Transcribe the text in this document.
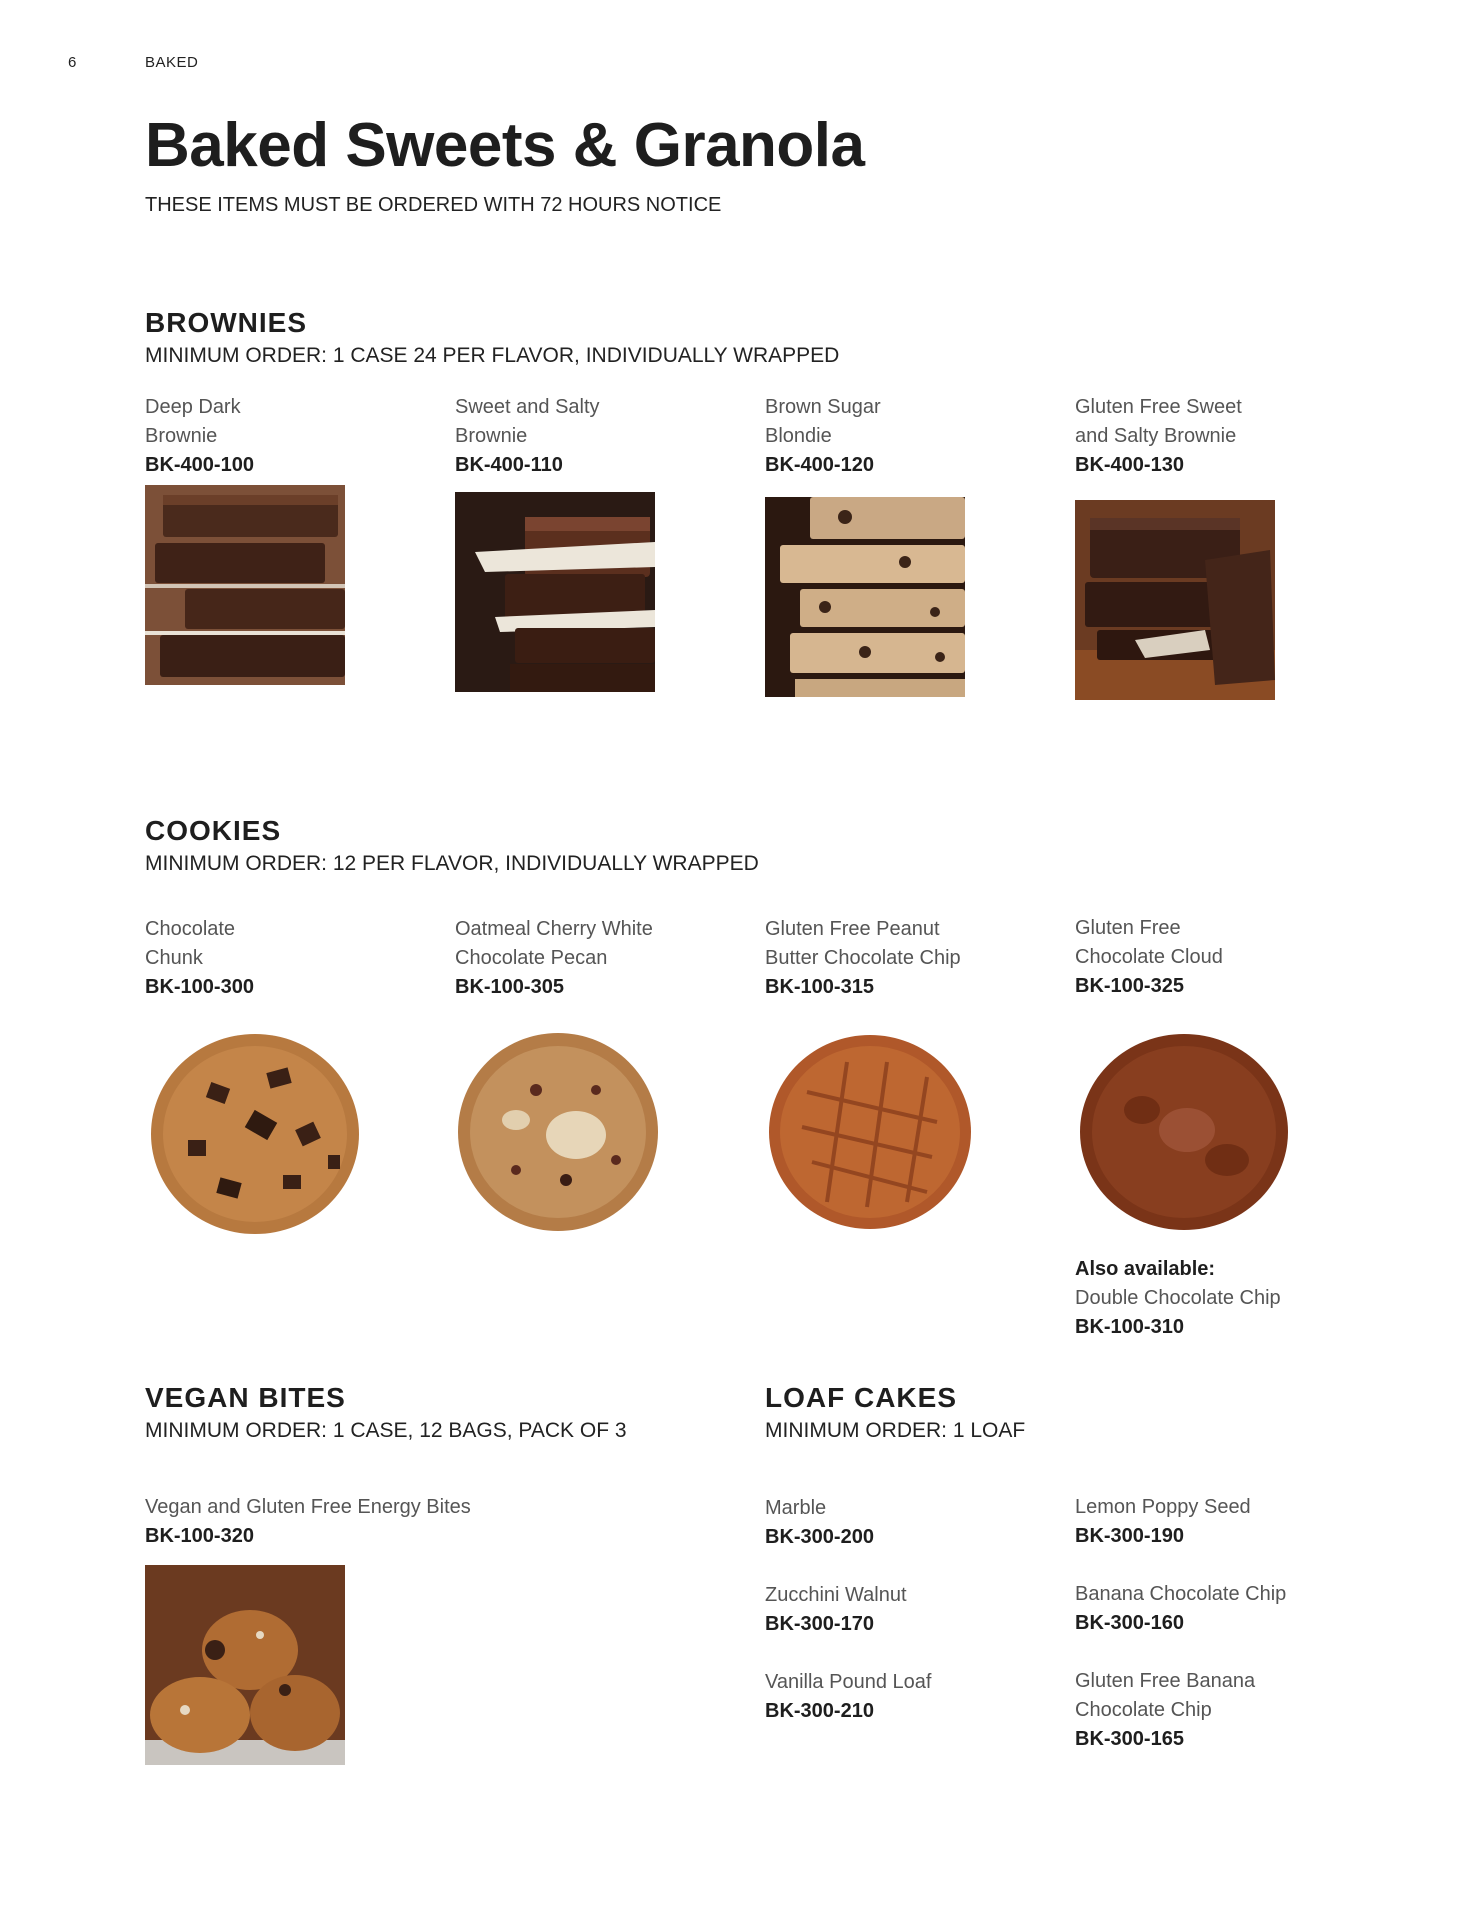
6	BAKED
Baked Sweets & Granola
THESE ITEMS MUST BE ORDERED WITH 72 HOURS NOTICE
BROWNIES
MINIMUM ORDER: 1 CASE 24 PER FLAVOR, INDIVIDUALLY WRAPPED
Deep Dark
Brownie
BK-400-100
Sweet and Salty
Brownie
BK-400-110
Brown Sugar
Blondie
BK-400-120
Gluten Free Sweet
and Salty Brownie
BK-400-130
COOKIES
MINIMUM ORDER: 12 PER FLAVOR, INDIVIDUALLY WRAPPED
Chocolate
Chunk
BK-100-300
Oatmeal Cherry White
Chocolate Pecan
BK-100-305
Gluten Free Peanut
Butter Chocolate Chip
BK-100-315
Gluten Free
Chocolate Cloud
BK-100-325
Also available:
Double Chocolate Chip
BK-100-310
VEGAN BITES
MINIMUM ORDER: 1 CASE, 12 BAGS, PACK OF 3
Vegan and Gluten Free Energy Bites
BK-100-320
LOAF CAKES
MINIMUM ORDER: 1 LOAF
Marble
BK-300-200
Lemon Poppy Seed
BK-300-190
Zucchini Walnut
BK-300-170
Banana Chocolate Chip
BK-300-160
Vanilla Pound Loaf
BK-300-210
Gluten Free Banana
Chocolate Chip
BK-300-165
